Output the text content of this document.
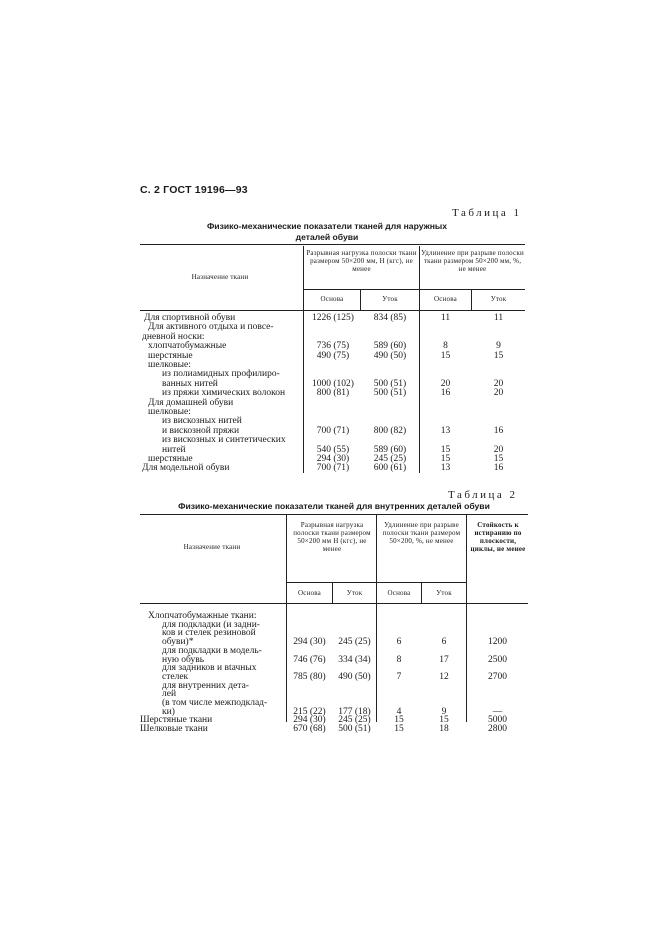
С. 2 ГОСТ 19196—93
Таблица 1
Физико-механические показатели тканей для наружных деталей обуви
Назначение ткани
Разрывная нагрузка полоски ткани размером 50×200 мм, Н (кгс), не менее
Удлинение при разрыве полоски ткани размером 50×200 мм, %, не менее
Основа	Уток	Основа	Уток
Для спортивной обуви	1226 (125)	834 (85)	11	11
Для активного отдыха и повсе-
дневной носки:
хлопчатобумажные	736 (75)	589 (60)	8	9
шерстяные	490 (75)	490 (50)	15	15
шелковые:
из полиамидных профилиро-
ванных нитей	1000 (102)	500 (51)	20	20
из пряжи химических волокон	800 (81)	500 (51)	16	20
Для домашней обуви
шелковые:
из вискозных нитей
и вискозной пряжи	700 (71)	800 (82)	13	16
из вискозных и синтетических
нитей	540 (55)	589 (60)	15	20
шерстяные	294 (30)	245 (25)	15	15
Для модельной обуви	700 (71)	600 (61)	13	16
Таблица 2
Физико-механические показатели тканей для внутренних деталей обуви
Назначение ткани
Разрывная нагрузка полоски ткани размером 50×200 мм Н (кгс), не менее
Удлинение при разрыве полоски ткани размером 50×200, %, не менее
Стойкость к истиранию по плоскости, циклы, не менее
Основа	Уток	Основа	Уток
Хлопчатобумажные ткани:
для подкладки (и задни-
ков и стелек резиновой
обуви)*	294 (30)	245 (25)	6	6	1200
для подкладки в модель-
ную обувь	746 (76)	334 (34)	8	17	2500
для задников и вtачных
стелек	785 (80)	490 (50)	7	12	2700
для внутренних дета-
лей
(в том числе межподклад-
ки)	215 (22)	177 (18)	4	9	—
Шерстяные ткани	294 (30)	245 (25)	15	15	5000
Шелковые ткани	670 (68)	500 (51)	15	18	2800
